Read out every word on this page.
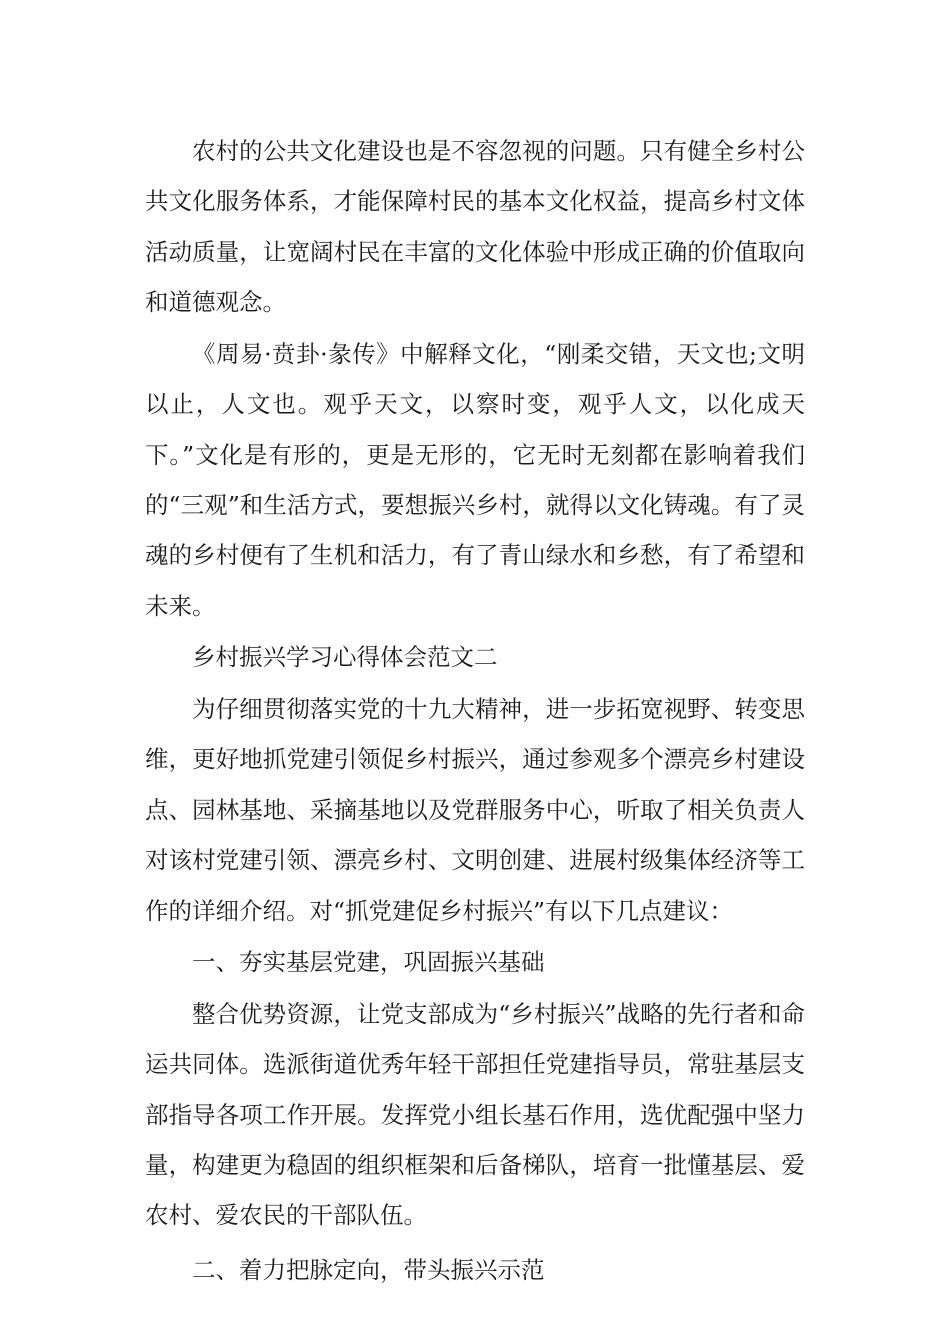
农村的公共文化建设也是不容忽视的问题。只有健全乡村公共文化服务体系，才能保障村民的基本文化权益，提高乡村文体活动质量，让宽阔村民在丰富的文化体验中形成正确的价值取向和道德观念。

《周易·贲卦·彖传》中解释文化，“刚柔交错，天文也;文明以止，人文也。观乎天文，以察时变，观乎人文，以化成天下。”文化是有形的，更是无形的，它无时无刻都在影响着我们的“三观”和生活方式，要想振兴乡村，就得以文化铸魂。有了灵魂的乡村便有了生机和活力，有了青山绿水和乡愁，有了希望和未来。

乡村振兴学习心得体会范文二

为仔细贯彻落实党的十九大精神，进一步拓宽视野、转变思维，更好地抓党建引领促乡村振兴，通过参观多个漂亮乡村建设点、园林基地、采摘基地以及党群服务中心，听取了相关负责人对该村党建引领、漂亮乡村、文明创建、进展村级集体经济等工作的详细介绍。对“抓党建促乡村振兴”有以下几点建议：

一、夯实基层党建，巩固振兴基础

整合优势资源，让党支部成为“乡村振兴”战略的先行者和命运共同体。选派街道优秀年轻干部担任党建指导员，常驻基层支部指导各项工作开展。发挥党小组长基石作用，选优配强中坚力量，构建更为稳固的组织框架和后备梯队，培育一批懂基层、爱农村、爱农民的干部队伍。

二、着力把脉定向，带头振兴示范
